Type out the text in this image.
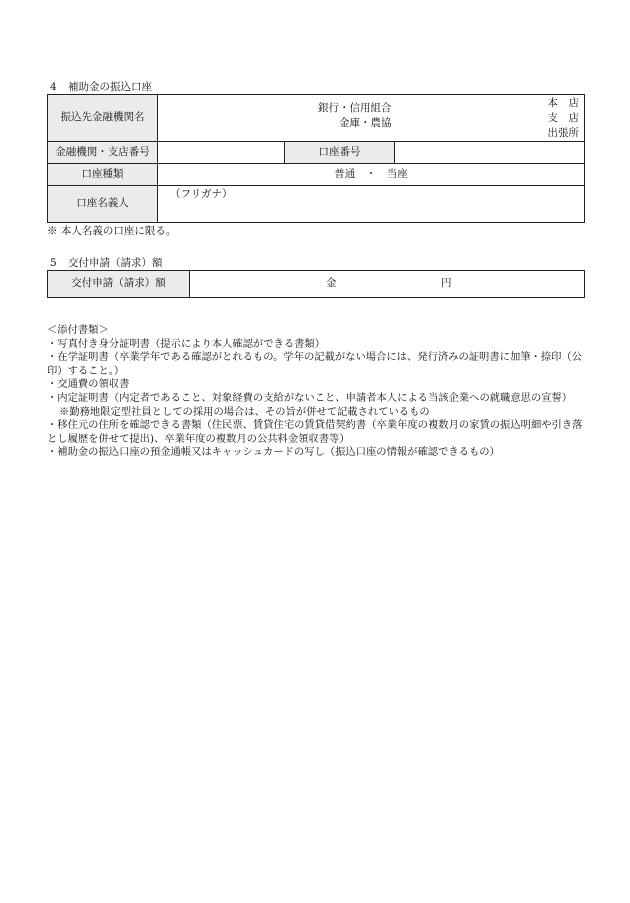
4 補助金の振込口座
振込先金融機関名	銀行・信用組合
金庫・農協
本　店
支　店
出張所		

金融機関・支店番号		口座番号	
口座種類	普通　・　当座		
口座名義人	（フリガナ）		
※ 本人名義の口座に限る。
5 交付申請（請求）額
交付申請（請求）額	金	円
＜添付書類＞
・写真付き身分証明書（提示により本人確認ができる書類）
・在学証明書（卒業学年である確認がとれるもの。学年の記載がない場合には、発行済みの証明書に加筆・捺印（公印）すること。）
・交通費の領収書
・内定証明書（内定者であること、対象経費の支給がないこと、申請者本人による当該企業への就職意思の宣誓）
※勤務地限定型社員としての採用の場合は、その旨が併せて記載されているもの
・移住元の住所を確認できる書類（住民票、賃貸住宅の賃貸借契約書（卒業年度の複数月の家賃の振込明細や引き落とし履歴を併せて提出)、卒業年度の複数月の公共料金領収書等）
・補助金の振込口座の預金通帳又はキャッシュカードの写し（振込口座の情報が確認できるもの）
